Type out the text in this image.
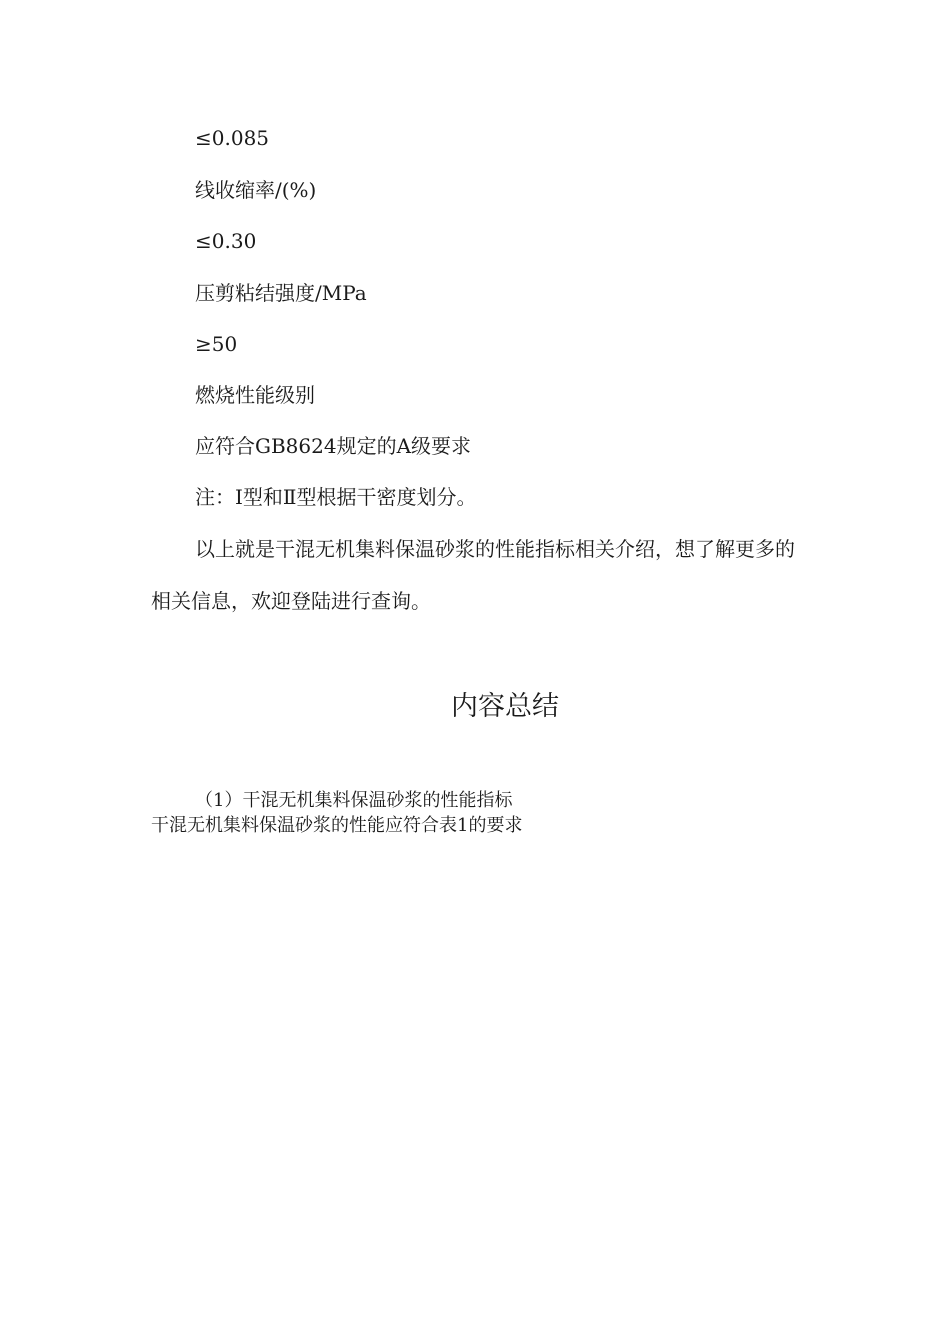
≤0.085
线收缩率/(%)
≤0.30
压剪粘结强度/MPa
≥50
燃烧性能级别
应符合GB8624规定的A级要求
注：Ⅰ型和Ⅱ型根据干密度划分。
以上就是干混无机集料保温砂浆的性能指标相关介绍，想了解更多的相关信息，欢迎登陆进行查询。
内容总结
（1）干混无机集料保温砂浆的性能指标
干混无机集料保温砂浆的性能应符合表1的要求
